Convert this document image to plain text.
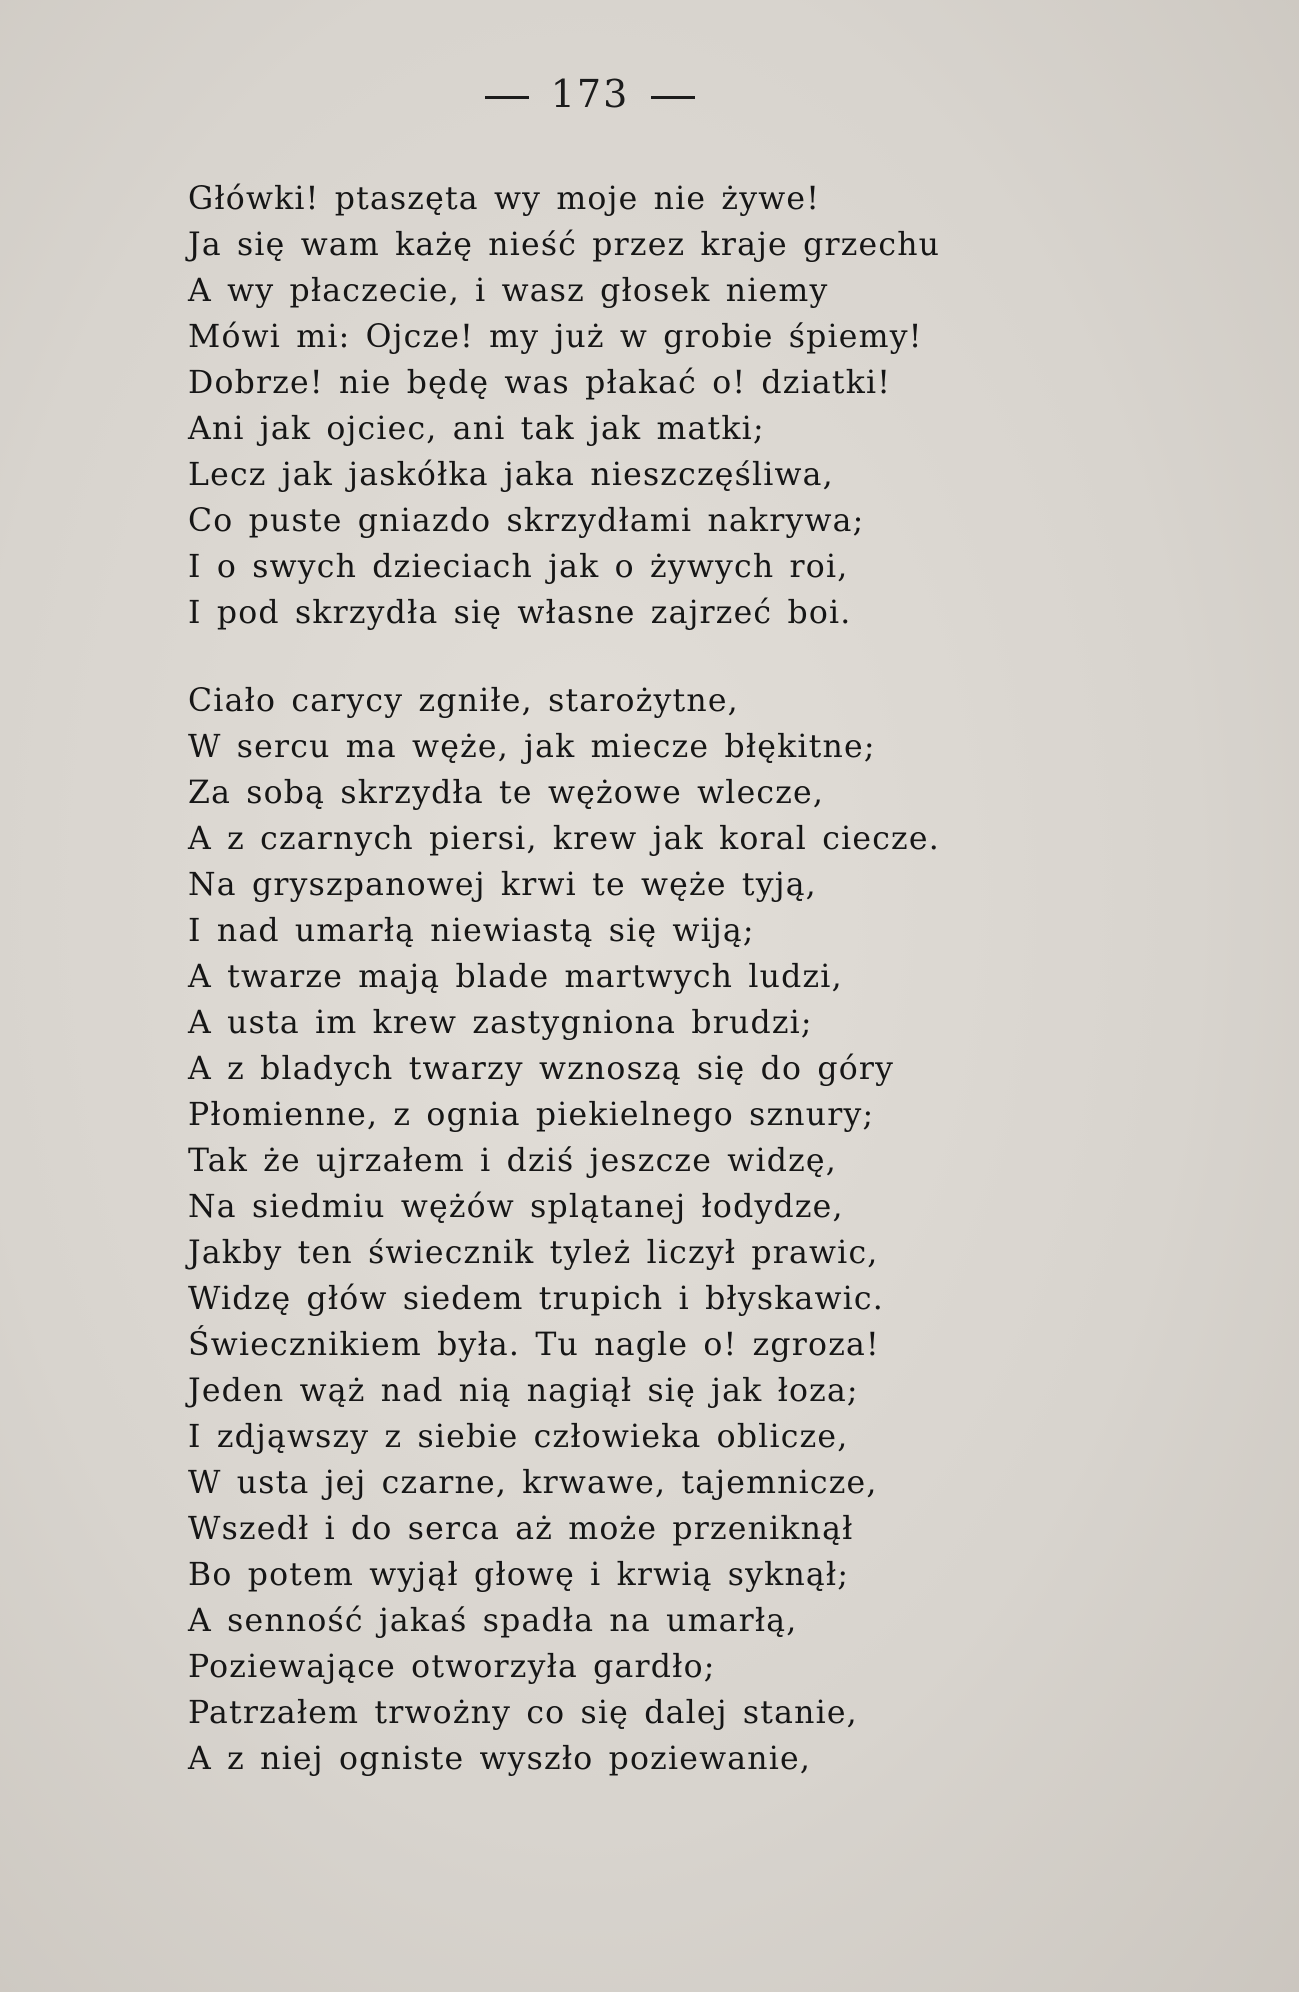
173
Główki! ptaszęta wy moje nie żywe!
Ja się wam każę nieść przez kraje grzechu
A wy płaczecie, i wasz głosek niemy
Mówi mi: Ojcze! my już w grobie śpiemy!
Dobrze! nie będę was płakać o! dziatki!
Ani jak ojciec, ani tak jak matki;
Lecz jak jaskółka jaka nieszczęśliwa,
Co puste gniazdo skrzydłami nakrywa;
I o swych dzieciach jak o żywych roi,
I pod skrzydła się własne zajrzeć boi.
Ciało carycy zgniłe, starożytne,
W sercu ma węże, jak miecze błękitne;
Za sobą skrzydła te wężowe wlecze,
A z czarnych piersi, krew jak koral ciecze.
Na gryszpanowej krwi te węże tyją,
I nad umarłą niewiastą się wiją;
A twarze mają blade martwych ludzi,
A usta im krew zastygniona brudzi;
A z bladych twarzy wznoszą się do góry
Płomienne, z ognia piekielnego sznury;
Tak że ujrzałem i dziś jeszcze widzę,
Na siedmiu wężów splątanej łodydze,
Jakby ten świecznik tyleż liczył prawic,
Widzę głów siedem trupich i błyskawic.
Świecznikiem była. Tu nagle o! zgroza!
Jeden wąż nad nią nagiął się jak łoza;
I zdjąwszy z siebie człowieka oblicze,
W usta jej czarne, krwawe, tajemnicze,
Wszedł i do serca aż może przeniknął
Bo potem wyjął głowę i krwią syknął;
A senność jakaś spadła na umarłą,
Poziewające otworzyła gardło;
Patrzałem trwożny co się dalej stanie,
A z niej ogniste wyszło poziewanie,
